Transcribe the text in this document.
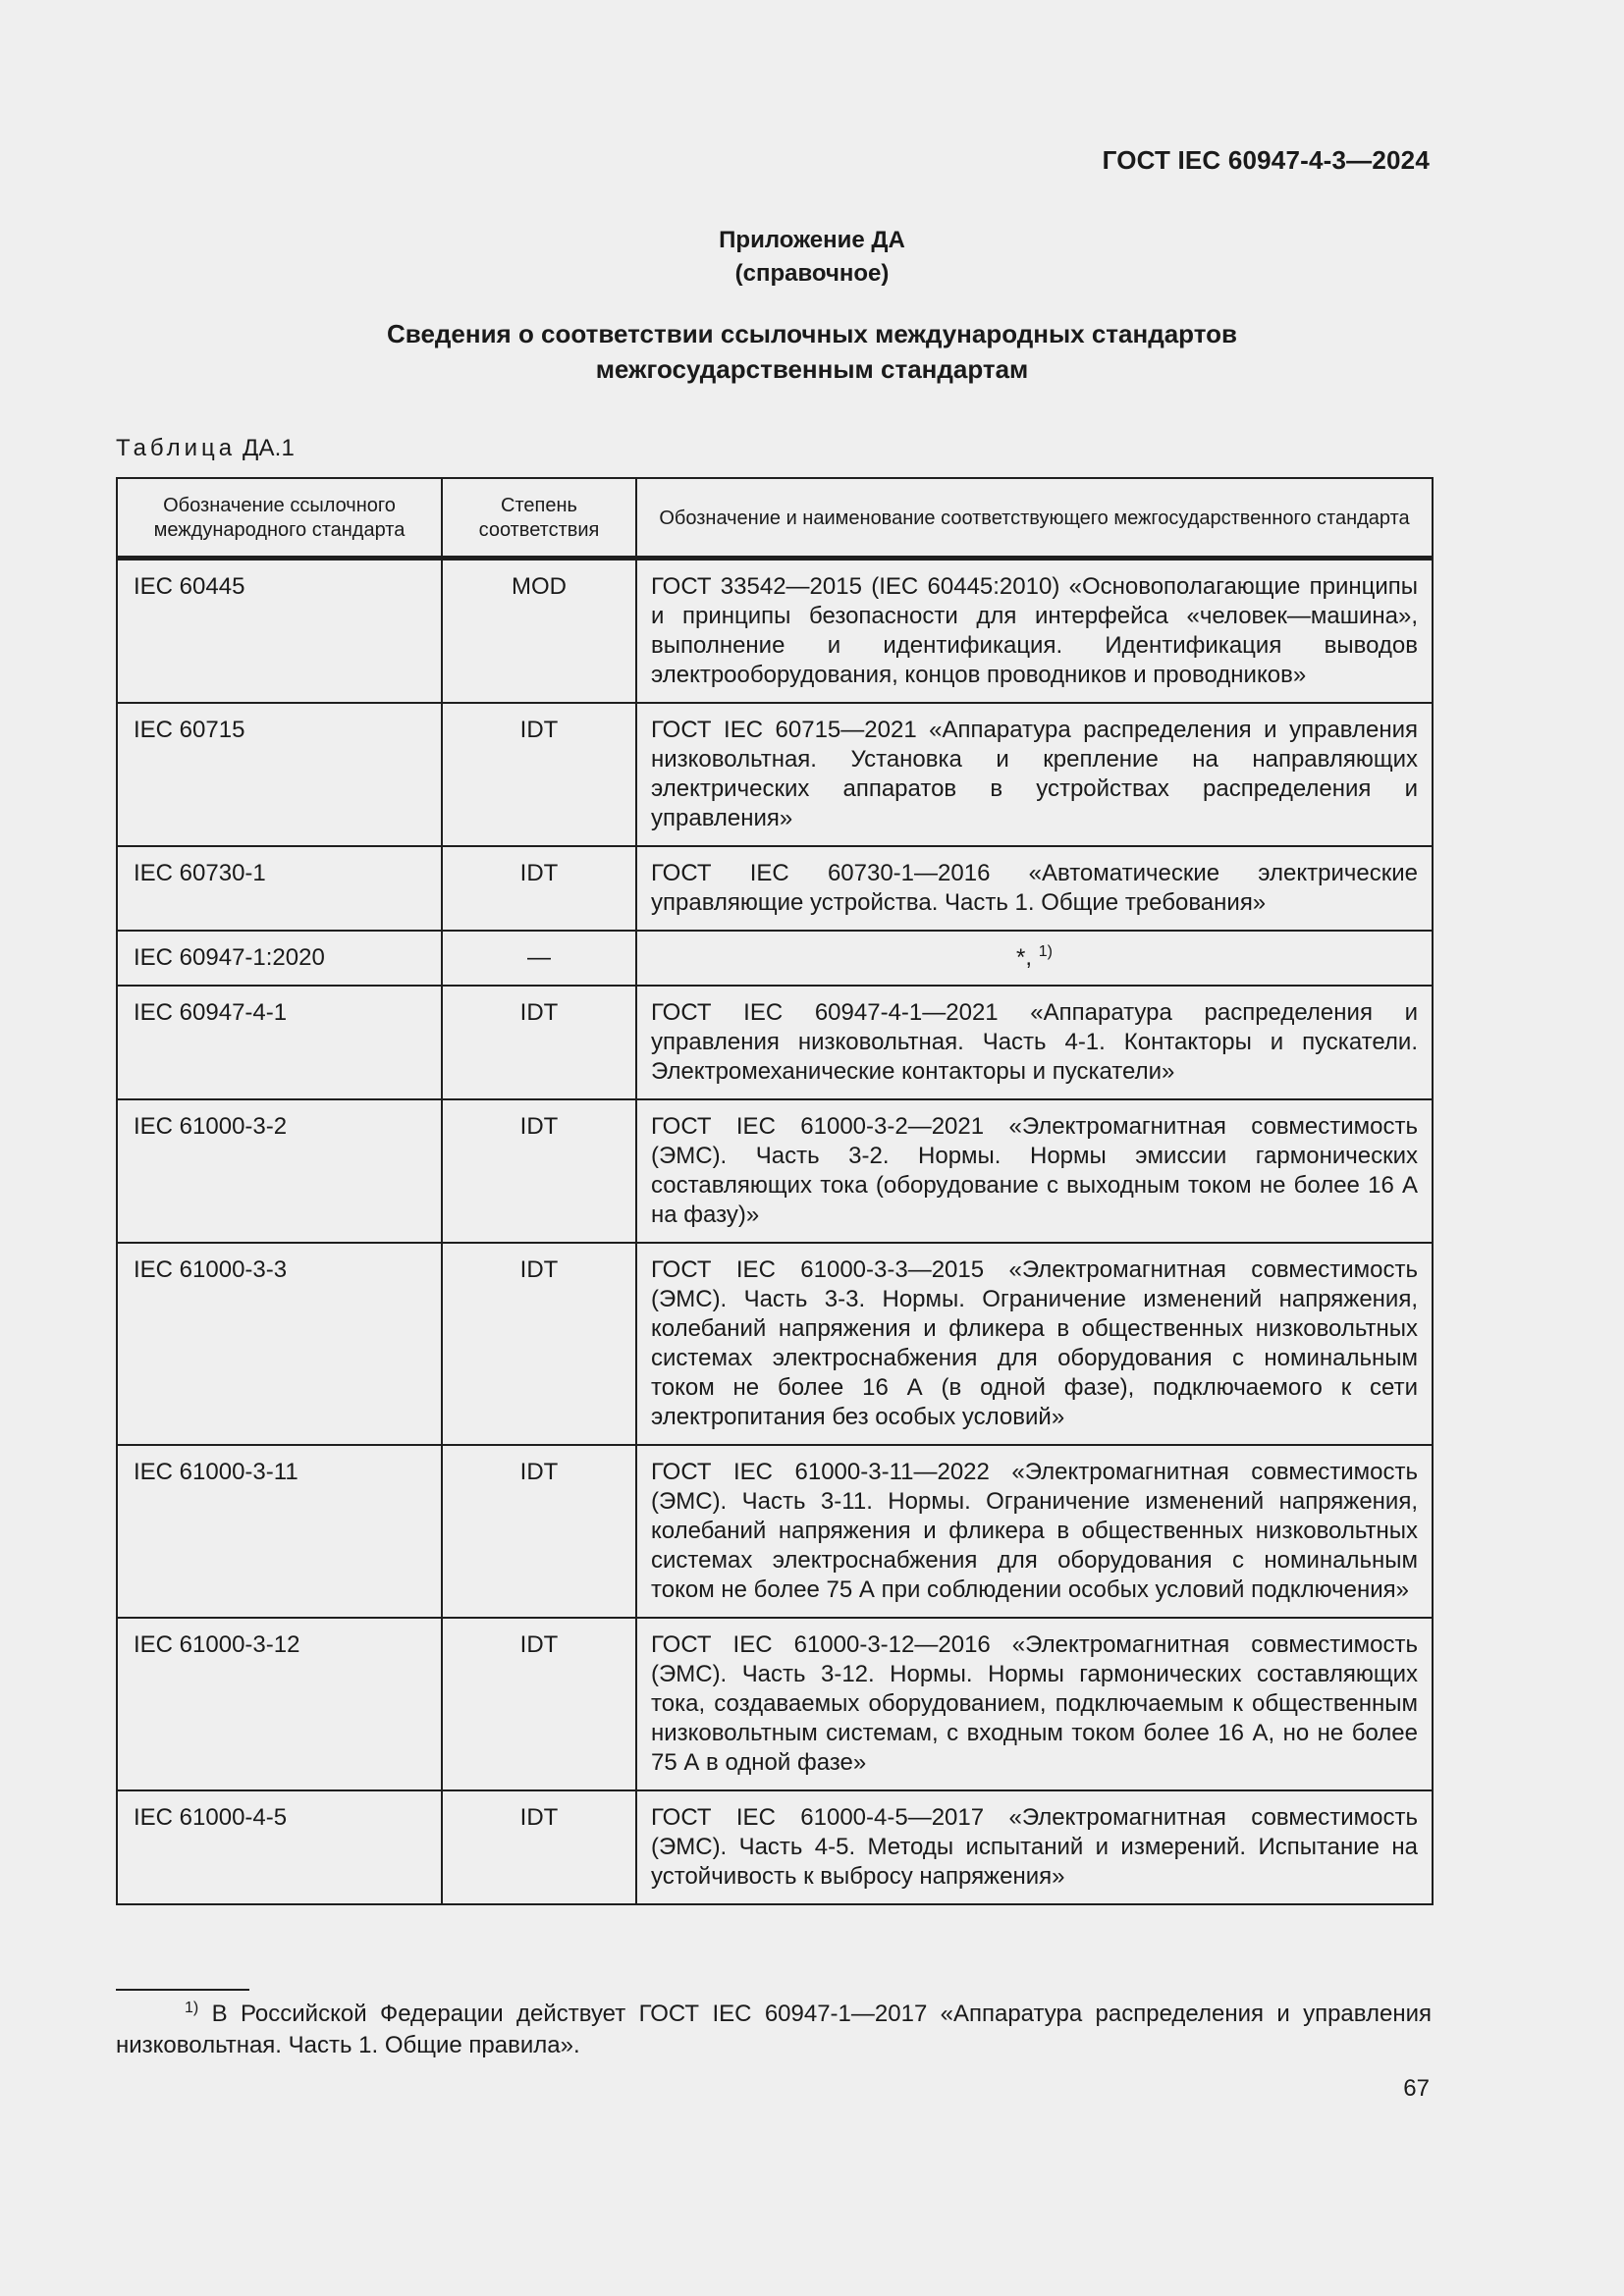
ГОСТ IEC 60947-4-3—2024
Приложение ДА
(справочное)
Сведения о соответствии ссылочных международных стандартов
межгосударственным стандартам
Таблица ДА.1
Обозначение ссылочного международного стандарта	Степень соответствия	Обозначение и наименование соответствующего межгосударственного стандарта
IEC 60445	MOD	ГОСТ 33542—2015 (IEC 60445:2010) «Основополагающие принципы и принципы безопасности для интерфейса «человек—машина», выполнение и идентификация. Идентификация выводов электрооборудования, концов проводников и проводников»
IEC 60715	IDT	ГОСТ IEC 60715—2021 «Аппаратура распределения и управления низковольтная. Установка и крепление на направляющих электрических аппаратов в устройствах распределения и управления»
IEC 60730-1	IDT	ГОСТ IEC 60730-1—2016 «Автоматические электрические управляющие устройства. Часть 1. Общие требования»
IEC 60947-1:2020	—	*, $^{1)}$
IEC 60947-4-1	IDT	ГОСТ IEC 60947-4-1—2021 «Аппаратура распределения и управления низковольтная. Часть 4-1. Контакторы и пускатели. Электромеханические контакторы и пускатели»
IEC 61000-3-2	IDT	ГОСТ IEC 61000-3-2—2021 «Электромагнитная совместимость (ЭМС). Часть 3-2. Нормы. Нормы эмиссии гармонических составляющих тока (оборудование с выходным током не более 16 А на фазу)»
IEC 61000-3-3	IDT	ГОСТ IEC 61000-3-3—2015 «Электромагнитная совместимость (ЭМС). Часть 3-3. Нормы. Ограничение изменений напряжения, колебаний напряжения и фликера в общественных низковольтных системах электроснабжения для оборудования с номинальным током не более 16 А (в одной фазе), подключаемого к сети электропитания без особых условий»
IEC 61000-3-11	IDT	ГОСТ IEC 61000-3-11—2022 «Электромагнитная совместимость (ЭМС). Часть 3-11. Нормы. Ограничение изменений напряжения, колебаний напряжения и фликера в общественных низковольтных системах электроснабжения для оборудования с номинальным током не более 75 А при соблюдении особых условий подключения»
IEC 61000-3-12	IDT	ГОСТ IEC 61000-3-12—2016 «Электромагнитная совместимость (ЭМС). Часть 3-12. Нормы. Нормы гармонических составляющих тока, создаваемых оборудованием, подключаемым к общественным низковольтным системам, с входным током более 16 А, но не более 75 А в одной фазе»
IEC 61000-4-5	IDT	ГОСТ IEC 61000-4-5—2017 «Электромагнитная совместимость (ЭМС). Часть 4-5. Методы испытаний и измерений. Испытание на устойчивость к выбросу напряжения»
$^{1)}$ В Российской Федерации действует ГОСТ IEC 60947-1—2017 «Аппаратура распределения и управления низковольтная. Часть 1. Общие правила».
67
